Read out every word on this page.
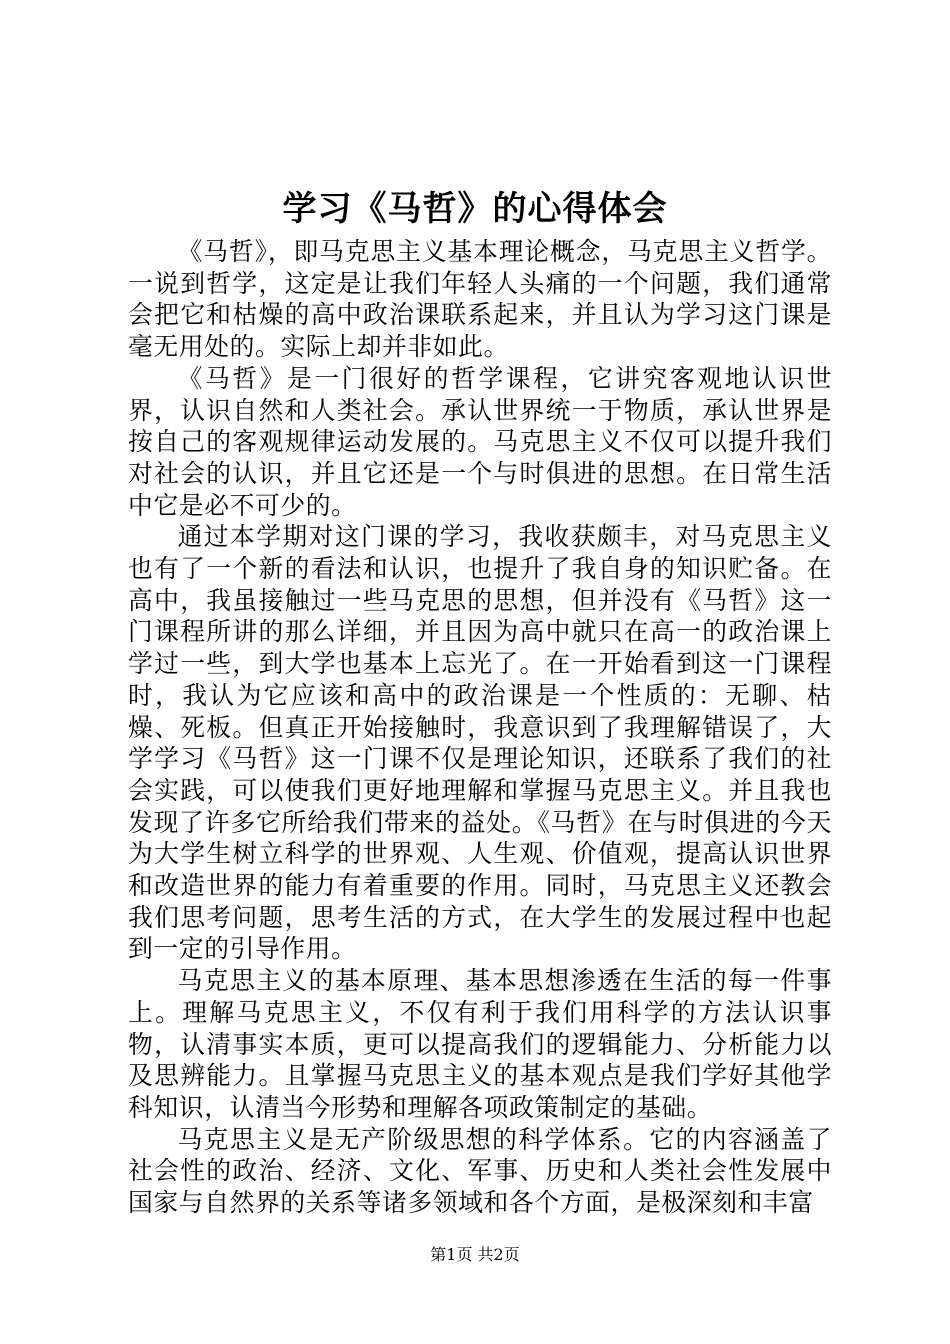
学习《马哲》的心得体会

《马哲》，即马克思主义基本理论概念，马克思主义哲学。一说到哲学，这定是让我们年轻人头痛的一个问题，我们通常会把它和枯燥的高中政治课联系起来，并且认为学习这门课是毫无用处的。实际上却并非如此。

《马哲》是一门很好的哲学课程，它讲究客观地认识世界，认识自然和人类社会。承认世界统一于物质，承认世界是按自己的客观规律运动发展的。马克思主义不仅可以提升我们对社会的认识，并且它还是一个与时俱进的思想。在日常生活中它是必不可少的。

通过本学期对这门课的学习，我收获颇丰，对马克思主义也有了一个新的看法和认识，也提升了我自身的知识贮备。在高中，我虽接触过一些马克思的思想，但并没有《马哲》这一门课程所讲的那么详细，并且因为高中就只在高一的政治课上学过一些，到大学也基本上忘光了。在一开始看到这一门课程时，我认为它应该和高中的政治课是一个性质的：无聊、枯燥、死板。但真正开始接触时，我意识到了我理解错误了，大学学习《马哲》这一门课不仅是理论知识，还联系了我们的社会实践，可以使我们更好地理解和掌握马克思主义。并且我也发现了许多它所给我们带来的益处。《马哲》在与时俱进的今天为大学生树立科学的世界观、人生观、价值观，提高认识世界和改造世界的能力有着重要的作用。同时，马克思主义还教会我们思考问题，思考生活的方式，在大学生的发展过程中也起到一定的引导作用。

马克思主义的基本原理、基本思想渗透在生活的每一件事上。理解马克思主义，不仅有利于我们用科学的方法认识事物，认清事实本质，更可以提高我们的逻辑能力、分析能力以及思辨能力。且掌握马克思主义的基本观点是我们学好其他学科知识，认清当今形势和理解各项政策制定的基础。

马克思主义是无产阶级思想的科学体系。它的内容涵盖了社会性的政治、经济、文化、军事、历史和人类社会性发展中国家与自然界的关系等诸多领域和各个方面，是极深刻和丰富

第1页 共2页
